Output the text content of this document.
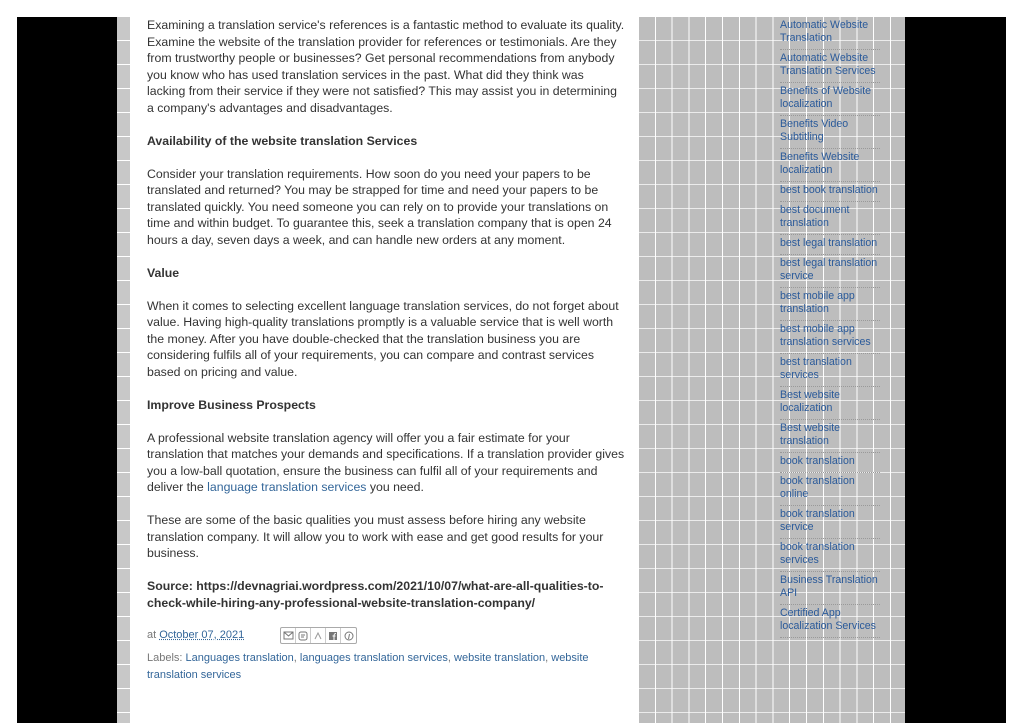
Examining a translation service's references is a fantastic method to evaluate its quality. Examine the website of the translation provider for references or testimonials. Are they from trustworthy people or businesses? Get personal recommendations from anybody you know who has used translation services in the past. What did they think was lacking from their service if they were not satisfied? This may assist you in determining a company's advantages and disadvantages.

Availability of the website translation Services

Consider your translation requirements. How soon do you need your papers to be translated and returned? You may be strapped for time and need your papers to be translated quickly. You need someone you can rely on to provide your translations on time and within budget. To guarantee this, seek a translation company that is open 24 hours a day, seven days a week, and can handle new orders at any moment.

Value

When it comes to selecting excellent language translation services, do not forget about value. Having high-quality translations promptly is a valuable service that is well worth the money. After you have double-checked that the translation business you are considering fulfils all of your requirements, you can compare and contrast services based on pricing and value.

Improve Business Prospects

A professional website translation agency will offer you a fair estimate for your translation that matches your demands and specifications. If a translation provider gives you a low-ball quotation, ensure the business can fulfil all of your requirements and deliver the language translation services you need.

These are some of the basic qualities you must assess before hiring any website translation company. It will allow you to work with ease and get good results for your business.

Source: https://devnagriai.wordpress.com/2021/10/07/what-are-all-qualities-to-check-while-hiring-any-professional-website-translation-company/

at October 07, 2021
Labels: Languages translation, languages translation services, website translation, website translation services
Automatic Website Translation
Automatic Website Translation Services
Benefits of Website localization
Benefits Video Subtitling
Benefits Website localization
best book translation
best document translation
best legal translation
best legal translation service
best mobile app translation
best mobile app translation services
best translation services
Best website localization
Best website translation
book translation
book translation online
book translation service
book translation services
Business Translation API
Certified App localization Services
